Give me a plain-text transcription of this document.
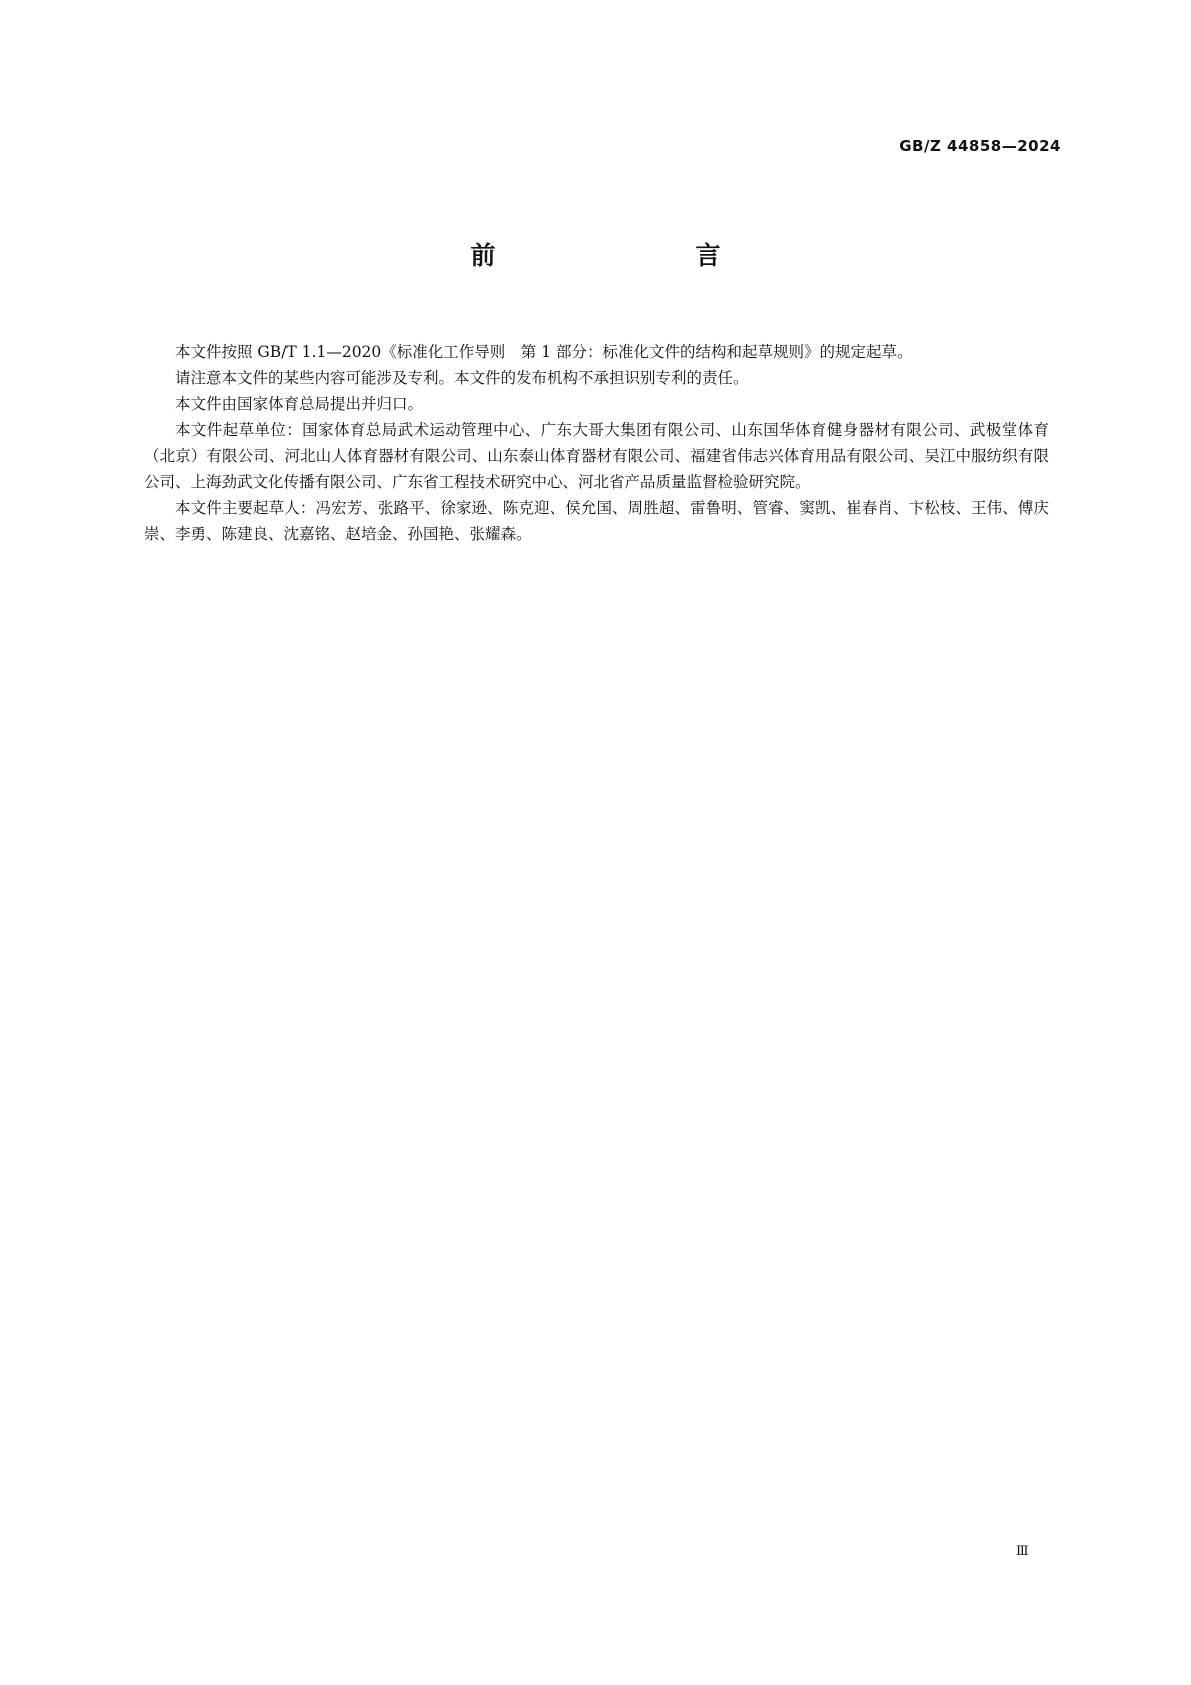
GB/Z 44858—2024
前　　言

本文件按照 GB/T 1.1—2020《标准化工作导则　第 1 部分：标准化文件的结构和起草规则》的规定起草。

请注意本文件的某些内容可能涉及专利。本文件的发布机构不承担识别专利的责任。

本文件由国家体育总局提出并归口。

本文件起草单位：国家体育总局武术运动管理中心、广东大哥大集团有限公司、山东国华体育健身器材有限公司、武极堂体育（北京）有限公司、河北山人体育器材有限公司、山东泰山体育器材有限公司、福建省伟志兴体育用品有限公司、吴江中服纺织有限公司、上海劲武文化传播有限公司、广东省工程技术研究中心、河北省产品质量监督检验研究院。

本文件主要起草人：冯宏芳、张路平、徐家逊、陈克迎、侯允国、周胜超、雷鲁明、管睿、窦凯、崔春肖、卞松枝、王伟、傅庆崇、李勇、陈建良、沈嘉铭、赵培金、孙国艳、张耀森。

Ⅲ
